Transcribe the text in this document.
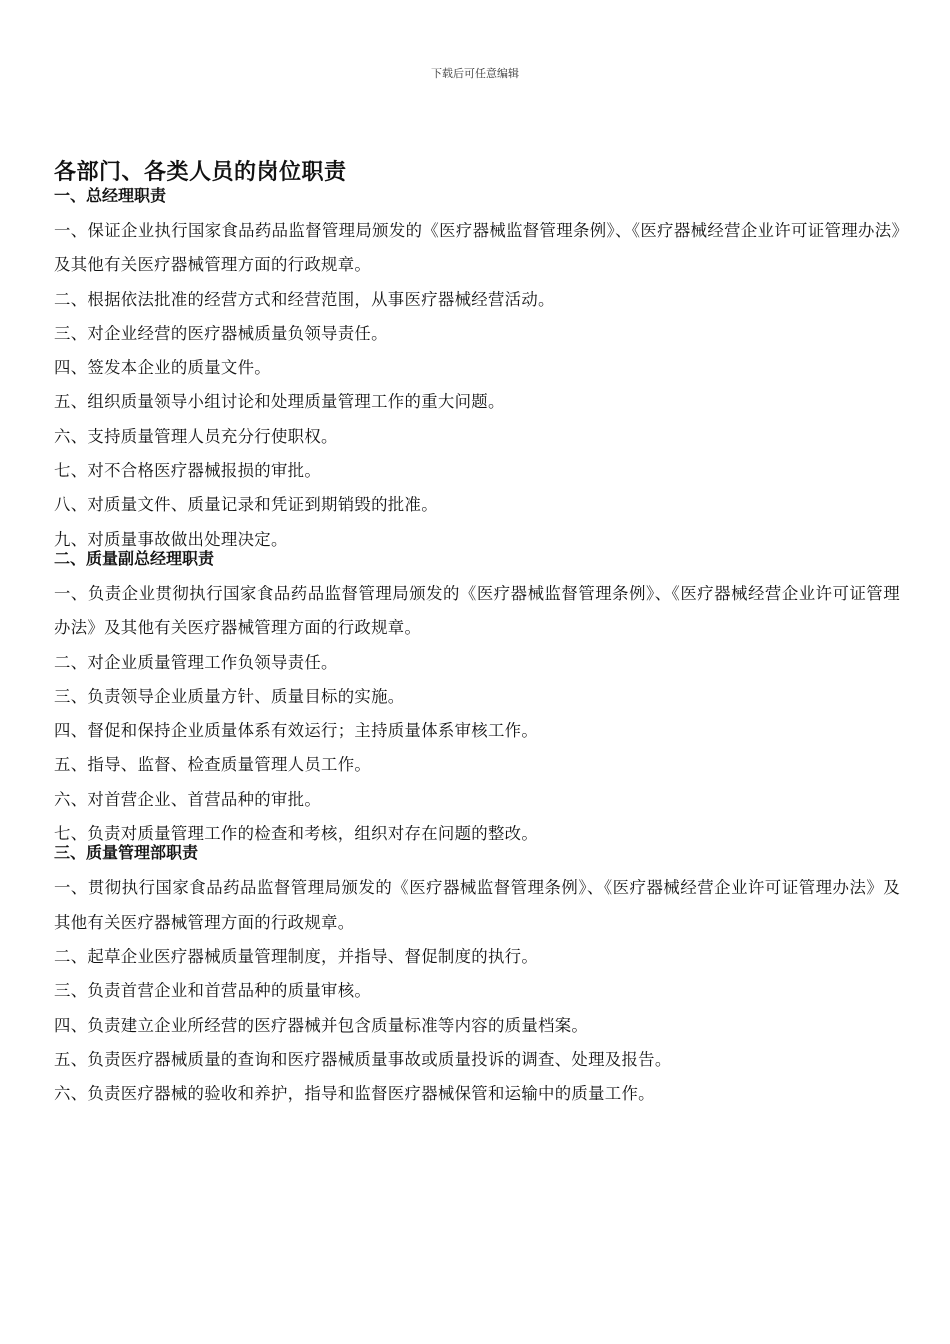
下载后可任意编辑
各部门、各类人员的岗位职责
一、总经理职责

一、保证企业执行国家食品药品监督管理局颁发的《医疗器械监督管理条例》、《医疗器械经营企业许可证管理办法》及其他有关医疗器械管理方面的行政规章。

二、根据依法批准的经营方式和经营范围，从事医疗器械经营活动。

三、对企业经营的医疗器械质量负领导责任。

四、签发本企业的质量文件。

五、组织质量领导小组讨论和处理质量管理工作的重大问题。

六、支持质量管理人员充分行使职权。

七、对不合格医疗器械报损的审批。

八、对质量文件、质量记录和凭证到期销毁的批准。

九、对质量事故做出处理决定。

二、质量副总经理职责

一、负责企业贯彻执行国家食品药品监督管理局颁发的《医疗器械监督管理条例》、《医疗器械经营企业许可证管理办法》及其他有关医疗器械管理方面的行政规章。

二、对企业质量管理工作负领导责任。

三、负责领导企业质量方针、质量目标的实施。

四、督促和保持企业质量体系有效运行；主持质量体系审核工作。

五、指导、监督、检查质量管理人员工作。

六、对首营企业、首营品种的审批。

七、负责对质量管理工作的检查和考核，组织对存在问题的整改。

三、质量管理部职责

一、贯彻执行国家食品药品监督管理局颁发的《医疗器械监督管理条例》、《医疗器械经营企业许可证管理办法》及其他有关医疗器械管理方面的行政规章。

二、起草企业医疗器械质量管理制度，并指导、督促制度的执行。

三、负责首营企业和首营品种的质量审核。

四、负责建立企业所经营的医疗器械并包含质量标准等内容的质量档案。

五、负责医疗器械质量的查询和医疗器械质量事故或质量投诉的调查、处理及报告。

六、负责医疗器械的验收和养护，指导和监督医疗器械保管和运输中的质量工作。
